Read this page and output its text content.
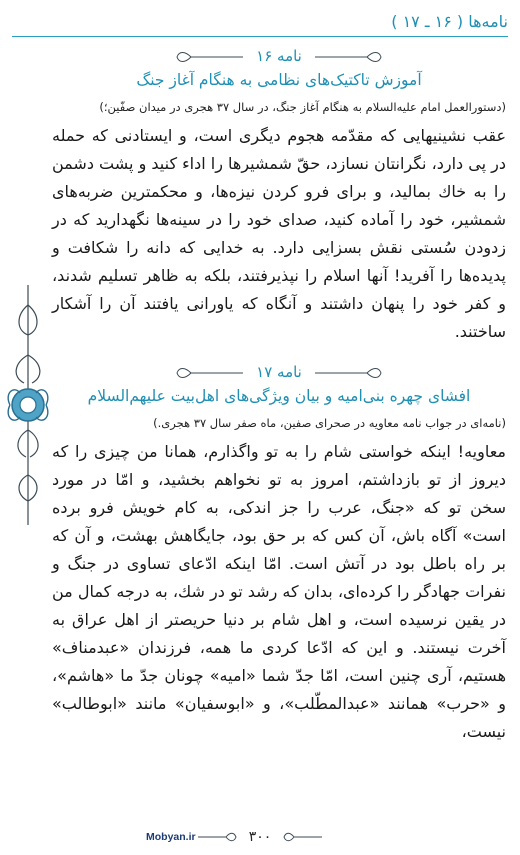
نامه‌ها ( ۱۶ ـ ۱۷ )
نامه ۱۶

آموزش تاکتیک‌های نظامی به هنگام آغاز جنگ

(دستورالعمل امام علیه‌السلام به هنگام آغاز جنگ، در سال ۳۷ هجری در میدان صفّین؛)

عقب نشینیهایی که مقدّمه هجوم دیگری است، و ایستادنی که حمله در پی دارد، نگرانتان نسازد، حقّ شمشیرها را اداء کنید و پشت دشمن را به خاك بمالید، و برای فرو کردن نیزه‌ها، و محکمترین ضربه‌های شمشیر، خود را آماده کنید، صدای خود را در سینه‌ها نگهدارید که در زدودن سُستی نقش بسزایی دارد. به خدایی که دانه را شکافت و پدیده‌ها را آفرید! آنها اسلام را نپذیرفتند، بلکه به ظاهر تسلیم شدند، و کفر خود را پنهان داشتند و آنگاه که یاورانی یافتند آن را آشکار ساختند.

نامه ۱۷

افشای چهره بنی‌امیه و بیان ویژگی‌های اهل‌بیت علیهم‌السلام

(نامه‌ای در جواب نامه معاویه در صحرای صفین، ماه صفر سال ۳۷ هجری.)

معاویه! اینکه خواستی شام را به تو واگذارم، همانا من چیزی را که دیروز از تو بازداشتم، امروز به تو نخواهم بخشید، و امّا در مورد سخن تو که «جنگ، عرب را جز اندکی، به کام خویش فرو برده است» آگاه باش، آن کس که بر حق بود، جایگاهش بهشت، و آن که بر راه باطل بود در آتش است. امّا اینکه ادّعای تساوی در جنگ و نفرات جهادگر را کرده‌ای، بدان که رشد تو در شك، به درجه کمال من در یقین نرسیده است، و اهل شام بر دنیا حریصتر از اهل عراق به آخرت نیستند. و این که ادّعا کردی ما همه، فرزندان «عبدمناف» هستیم، آری چنین است، امّا جدّ شما «امیه» چونان جدّ ما «هاشم»، و «حرب» همانند «عبدالمطّلب»، و «ابوسفیان» مانند «ابوطالب» نیست،

Mobyan.ir	۳۰۰
